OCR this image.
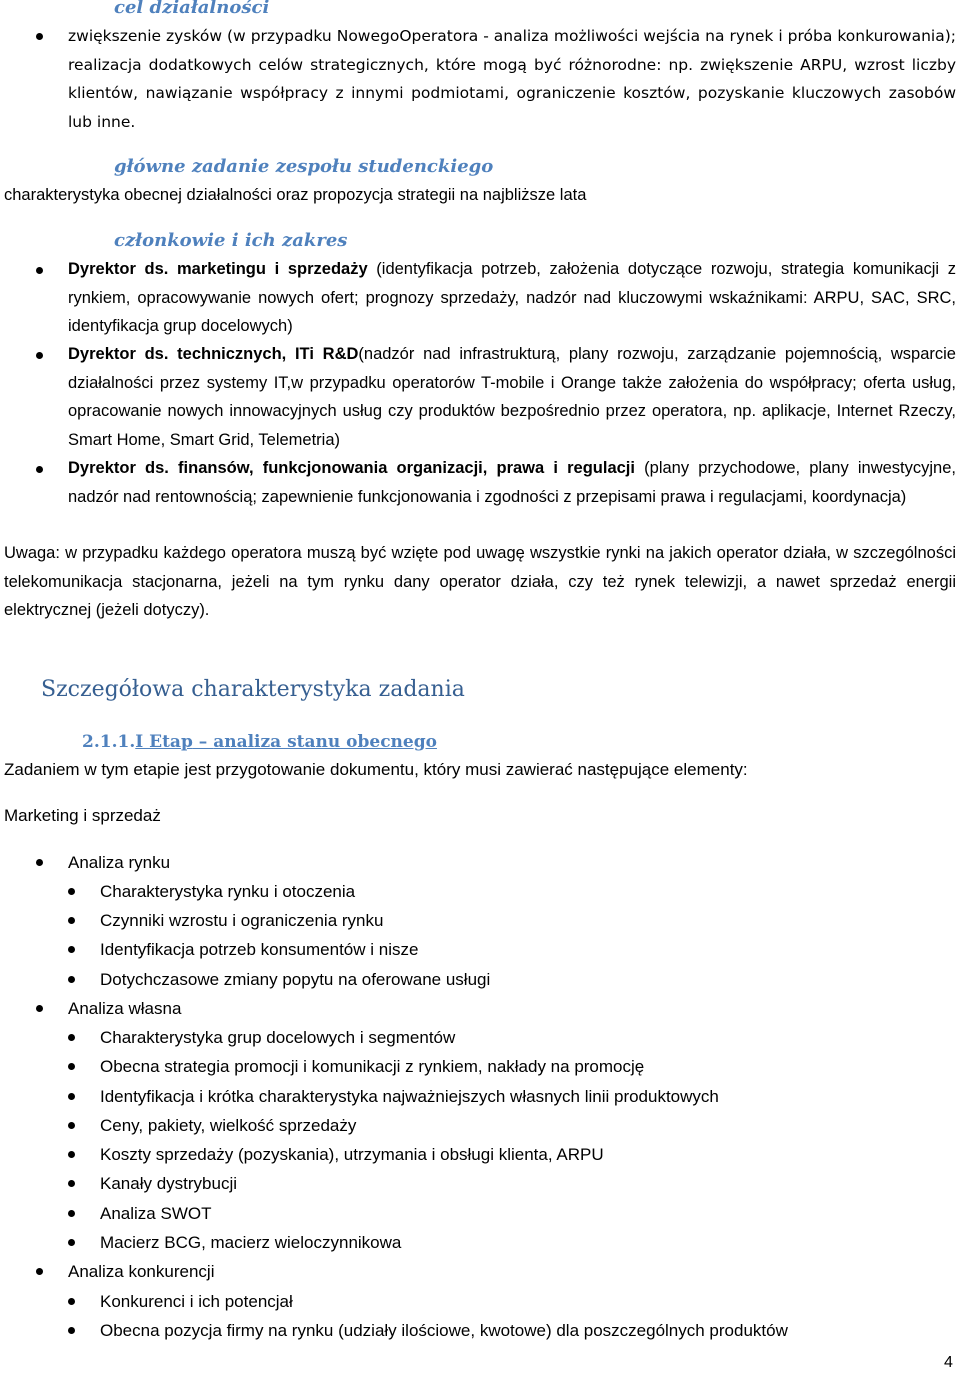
cel działalności

zwiększenie zysków (w przypadku NowegoOperatora - analiza możliwości wejścia na rynek i próba konkurowania); realizacja dodatkowych celów strategicznych, które mogą być różnorodne: np. zwiększenie ARPU, wzrost liczby klientów, nawiązanie współpracy z innymi podmiotami, ograniczenie kosztów, pozyskanie kluczowych zasobów lub inne.

główne zadanie zespołu studenckiego
charakterystyka obecnej działalności oraz propozycja strategii na najbliższe lata
członkowie i ich zakres

Dyrektor ds. marketingu i sprzedaży (identyfikacja potrzeb, założenia dotyczące rozwoju, strategia komunikacji z rynkiem, opracowywanie nowych ofert; prognozy sprzedaży, nadzór nad kluczowymi wskaźnikami: ARPU, SAC, SRC, identyfikacja grup docelowych)

Dyrektor ds. technicznych, ITi R&D(nadzór nad infrastrukturą, plany rozwoju, zarządzanie pojemnością, wsparcie działalności przez systemy IT,w przypadku operatorów T-mobile i Orange także założenia do współpracy; oferta usług, opracowanie nowych innowacyjnych usług czy produktów bezpośrednio przez operatora, np. aplikacje, Internet Rzeczy, Smart Home, Smart Grid, Telemetria)

Dyrektor ds. finansów, funkcjonowania organizacji, prawa i regulacji (plany przychodowe, plany inwestycyjne, nadzór nad rentownością; zapewnienie funkcjonowania i zgodności z przepisami prawa i regulacjami, koordynacja)

Uwaga: w przypadku każdego operatora muszą być wzięte pod uwagę wszystkie rynki na jakich operator działa, w szczególności telekomunikacja stacjonarna, jeżeli na tym rynku dany operator działa, czy też rynek telewizji, a nawet sprzedaż energii elektrycznej (jeżeli dotyczy).

Szczegółowa charakterystyka zadania
2.1.1.I Etap – analiza stanu obecnego
Zadaniem w tym etapie jest przygotowanie dokumentu, który musi zawierać następujące elementy:
Marketing i sprzedaż
Analiza rynku
Charakterystyka rynku i otoczenia
Czynniki wzrostu i ograniczenia rynku
Identyfikacja potrzeb konsumentów i nisze
Dotychczasowe zmiany popytu na oferowane usługi
Analiza własna
Charakterystyka grup docelowych i segmentów
Obecna strategia promocji i komunikacji z rynkiem, nakłady na promocję
Identyfikacja i krótka charakterystyka najważniejszych własnych linii produktowych
Ceny, pakiety, wielkość sprzedaży
Koszty sprzedaży (pozyskania), utrzymania i obsługi klienta, ARPU
Kanały dystrybucji
Analiza SWOT
Macierz BCG, macierz wieloczynnikowa
Analiza konkurencji
Konkurenci i ich potencjał
Obecna pozycja firmy na rynku (udziały ilościowe, kwotowe) dla poszczególnych produktów
4
